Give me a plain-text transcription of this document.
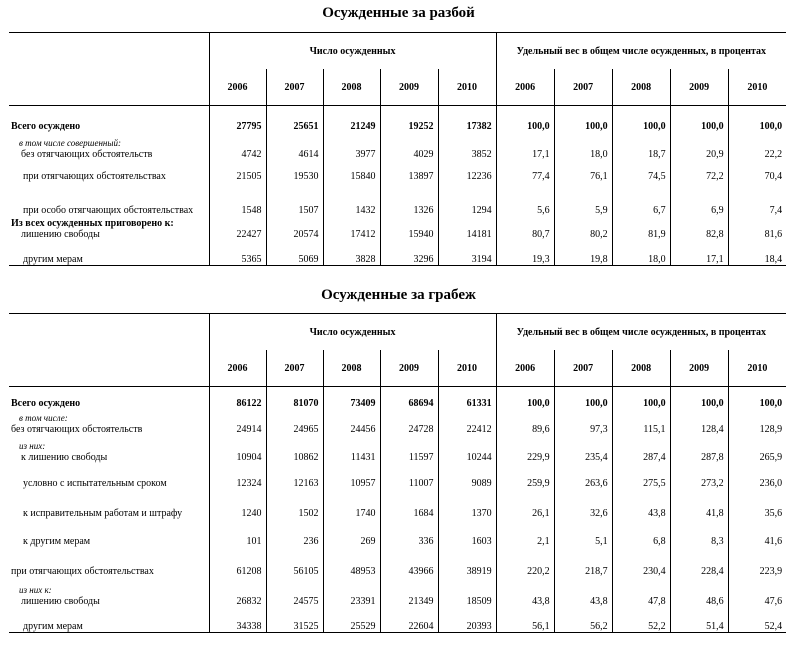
Осужденные за разбой
	Число осужденных					Удельный вес в общем числе осужденных, в процентах				
	2006	2007	2008	2009	2010	2006	2007	2008	2009	2010
Всего осуждено	27795	25651	21249	19252	17382	100,0	100,0	100,0	100,0	100,0

в том числе совершенный:
без отягчающих обстоятельств	4742	4614	3977	4029	3852	17,1	18,0	18,7	20,9	22,2
при отягчающих обстоятельствах	21505	19530	15840	13897	12236	77,4	76,1	74,5	72,2	70,4
при особо отягчающих обстоятельствах	1548	1507	1432	1326	1294	5,6	5,9	6,7	6,9	7,4

Из всех осужденных приговорено к:
лишению свободы	22427	20574	17412	15940	14181	80,7	80,2	81,9	82,8	81,6
другим мерам	5365	5069	3828	3296	3194	19,3	19,8	18,0	17,1	18,4
Осужденные за грабеж
	Число осужденных					Удельный вес в общем числе осужденных, в процентах				
	2006	2007	2008	2009	2010	2006	2007	2008	2009	2010
Всего осуждено	86122	81070	73409	68694	61331	100,0	100,0	100,0	100,0	100,0

в том числе:
без отягчающих обстоятельств	24914	24965	24456	24728	22412	89,6	97,3	115,1	128,4	128,9

из них:
к лишению свободы	10904	10862	11431	11597	10244	229,9	235,4	287,4	287,8	265,9
условно с испытательным сроком	12324	12163	10957	11007	9089	259,9	263,6	275,5	273,2	236,0
к исправительным работам и штрафу	1240	1502	1740	1684	1370	26,1	32,6	43,8	41,8	35,6
к другим мерам	101	236	269	336	1603	2,1	5,1	6,8	8,3	41,6
при отягчающих обстоятельствах	61208	56105	48953	43966	38919	220,2	218,7	230,4	228,4	223,9

из них к:
лишению свободы	26832	24575	23391	21349	18509	43,8	43,8	47,8	48,6	47,6
другим мерам	34338	31525	25529	22604	20393	56,1	56,2	52,2	51,4	52,4
